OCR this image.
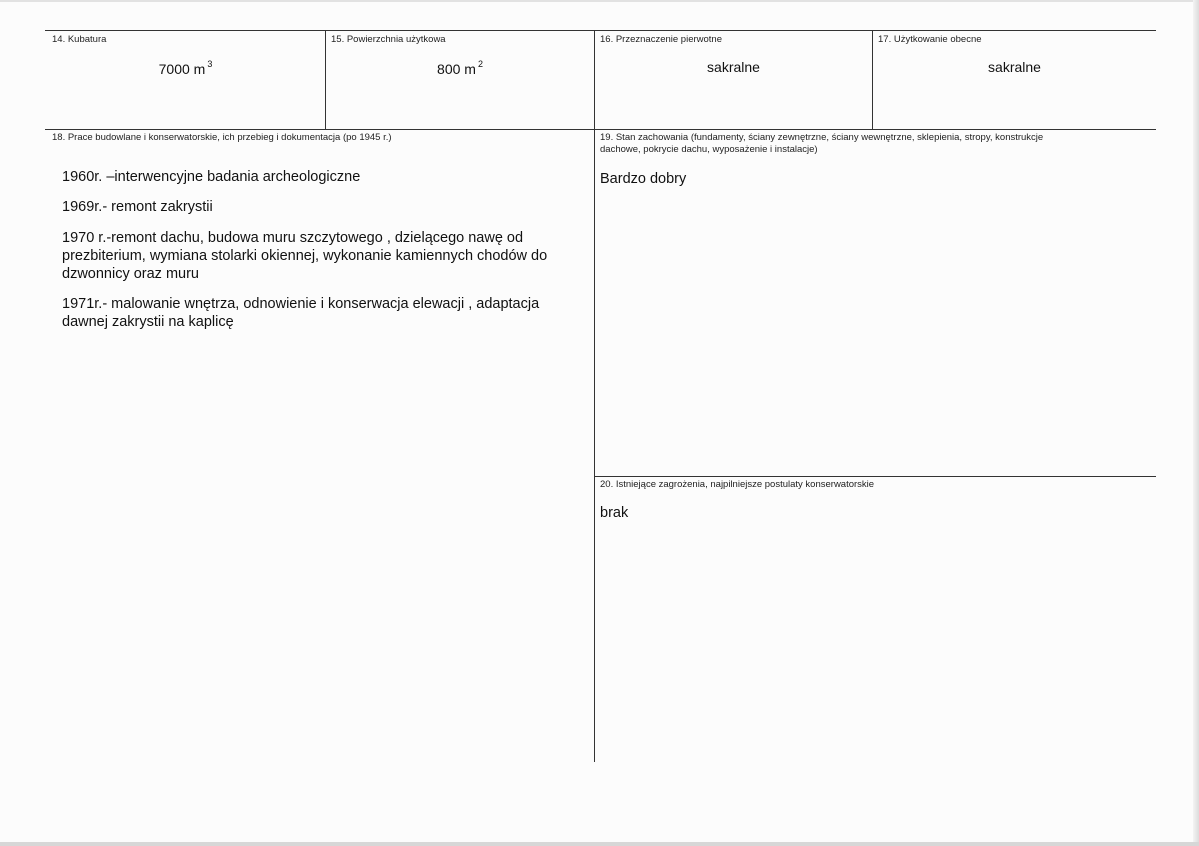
14. Kubatura
7000 m $^3$
15. Powierzchnia użytkowa
800 m $^2$
16. Przeznaczenie pierwotne
sakralne
17. Użytkowanie obecne
sakralne
18. Prace budowlane i konserwatorskie, ich przebieg i dokumentacja (po 1945 r.)
1960r. –interwencyjne badania archeologiczne
1969r.- remont zakrystii
1970 r.-remont dachu, budowa muru szczytowego , dzielącego nawę od prezbiterium, wymiana stolarki okiennej, wykonanie kamiennych chodów do dzwonnicy oraz muru
1971r.- malowanie wnętrza, odnowienie i konserwacja elewacji , adaptacja dawnej zakrystii na kaplicę
19. Stan zachowania (fundamenty, ściany zewnętrzne, ściany wewnętrzne, sklepienia, stropy, konstrukcje dachowe, pokrycie dachu, wyposażenie i instalacje)
Bardzo dobry
20. Istniejące zagrożenia, najpilniejsze postulaty konserwatorskie
brak
